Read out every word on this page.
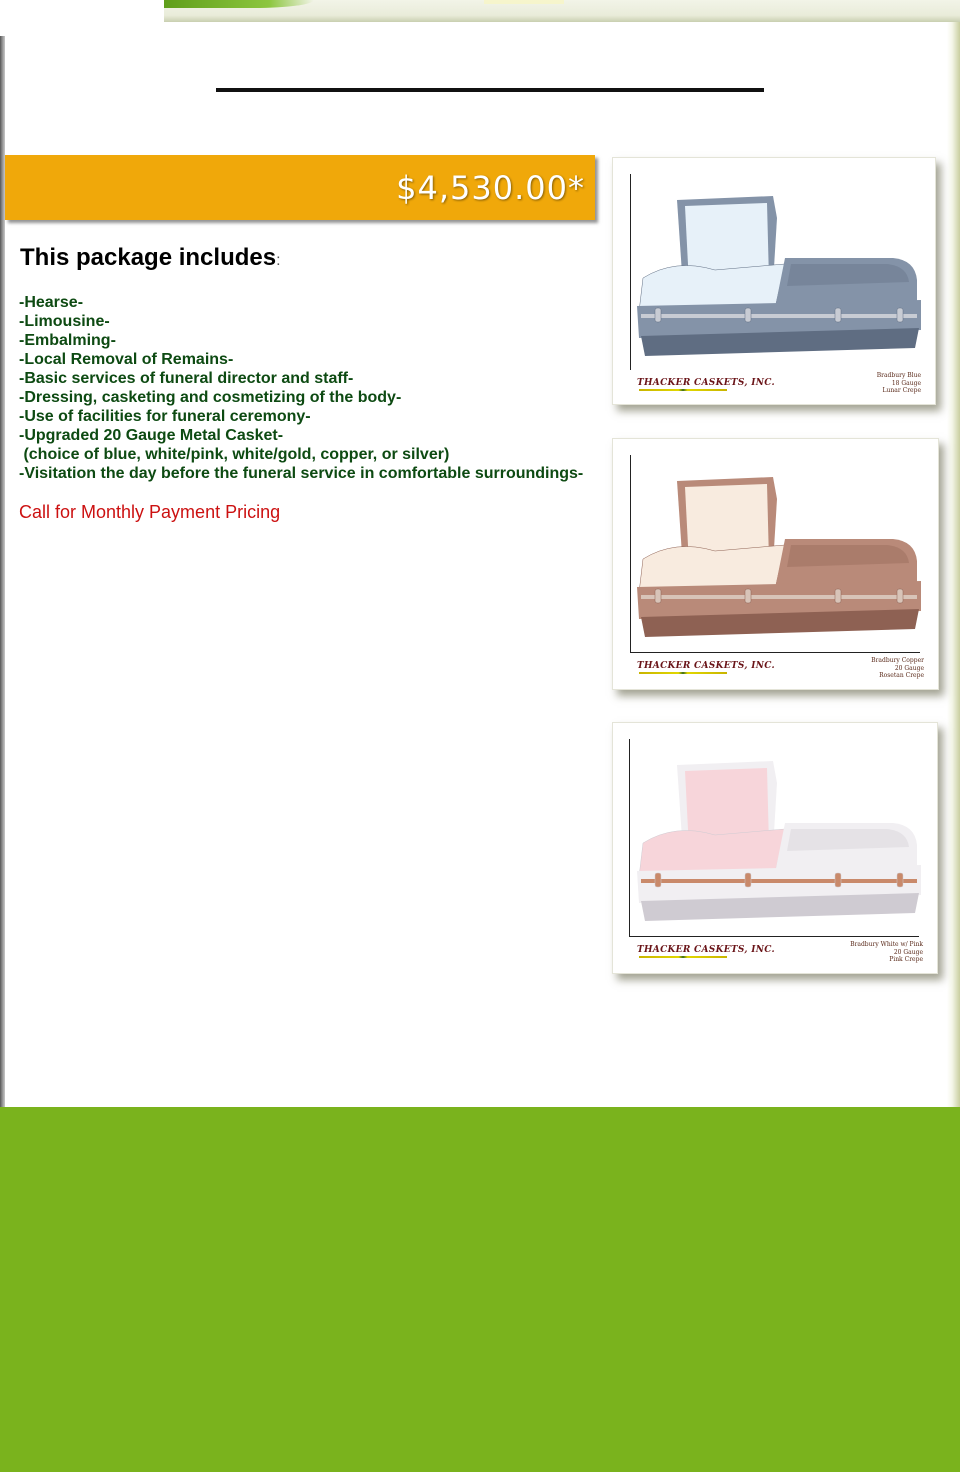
$4,530.00*
This package includes:
-Hearse-
-Limousine-
-Embalming-
-Local Removal of Remains-
-Basic services of funeral director and staff-
-Dressing, casketing and cosmetizing of the body-
-Use of facilities for funeral ceremony-
-Upgraded 20 Gauge Metal Casket-
(choice of blue, white/pink, white/gold, copper, or silver)
-Visitation the day before the funeral service in comfortable surroundings-
Call for Monthly Payment Pricing
THACKER CASKETS, INC.
Bradbury Blue
18 Gauge
Lunar Crepe
THACKER CASKETS, INC.
Bradbury Copper
20 Gauge
Rosetan Crepe
THACKER CASKETS, INC.
Bradbury White w/ Pink
20 Gauge
Pink Crepe
